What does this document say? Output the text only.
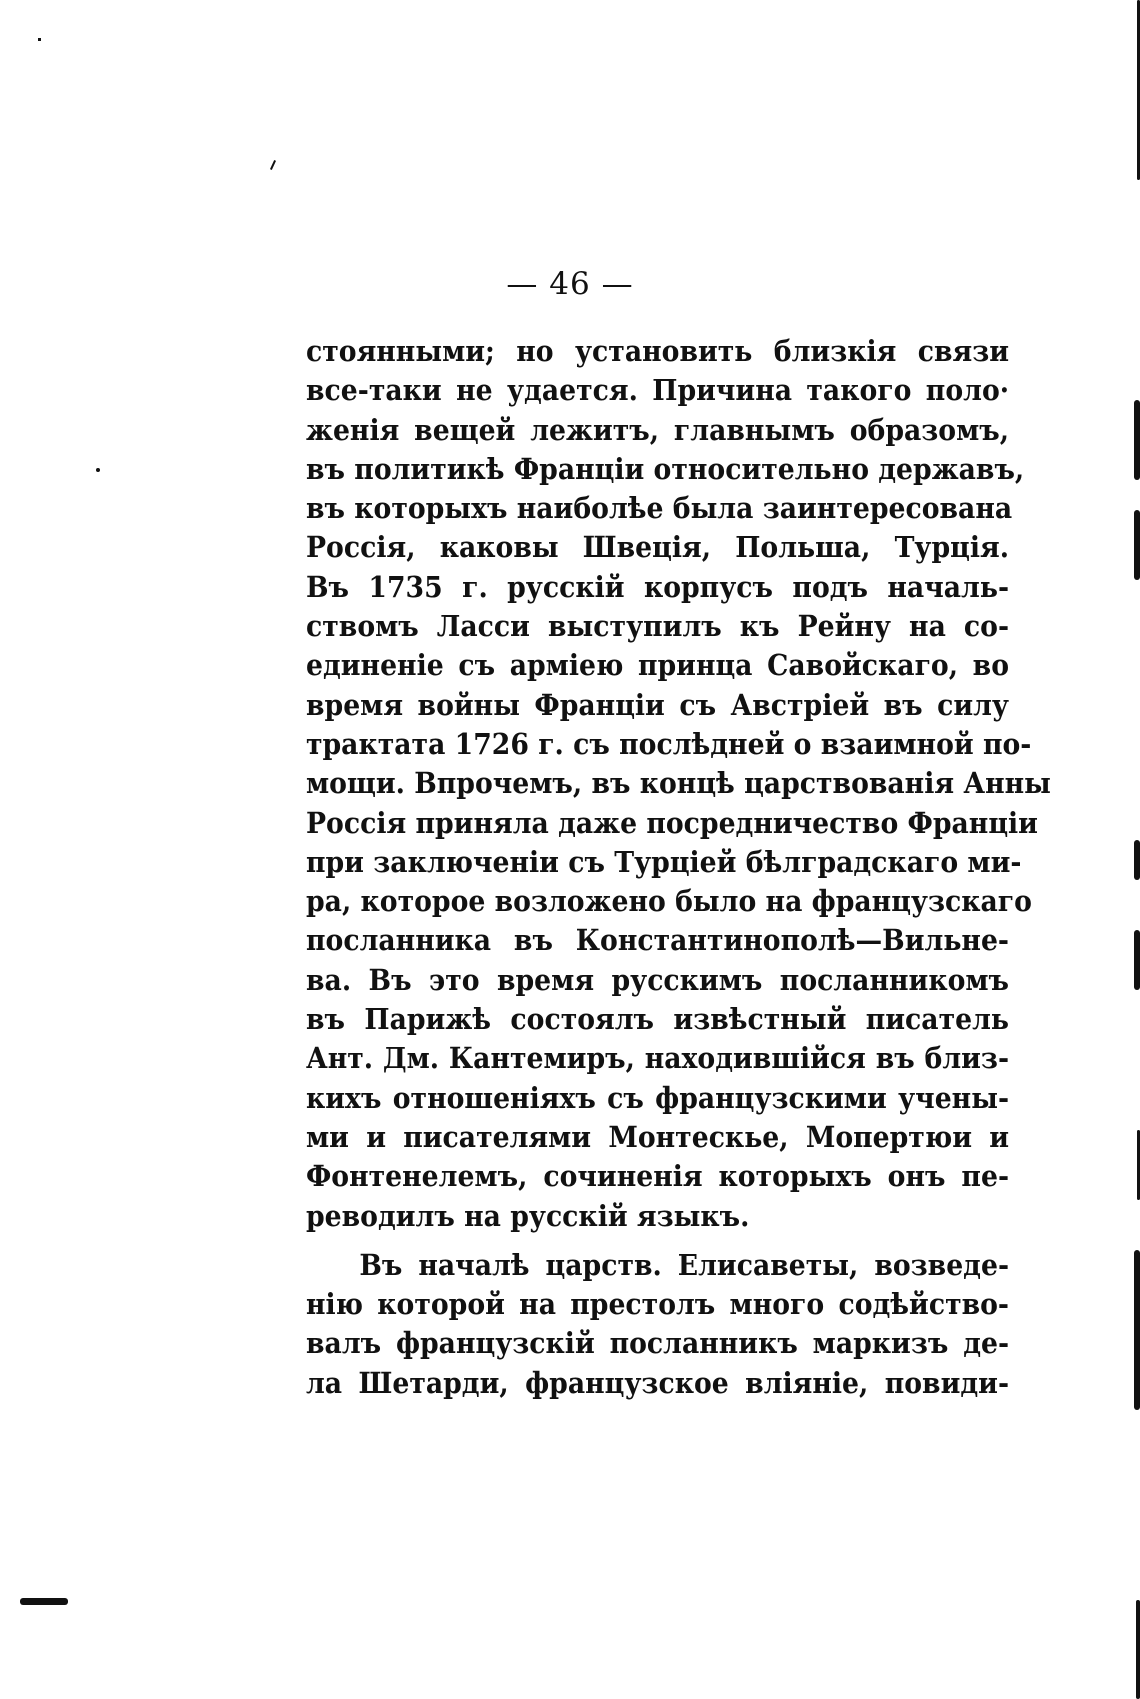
— 46 —
стоянными; но установить близкія связи
все-таки не удается. Причина такого поло·
женія вещей лежитъ, главнымъ образомъ,
въ политикѣ Франціи относительно державъ,
въ которыхъ наиболѣе была заинтересована
Россія, каковы Швеція, Польша, Турція.
Въ 1735 г. русскій корпусъ подъ началь-
ствомъ Ласси выступилъ къ Рейну на со-
единеніе съ арміею принца Савойскаго, во
время войны Франціи съ Австріей въ силу
трактата 1726 г. съ послѣдней о взаимной по-
мощи. Впрочемъ, въ концѣ царствованія Анны
Россія приняла даже посредничество Франціи
при заключеніи съ Турціей бѣлградскаго ми-
ра, которое возложено было на французскаго
посланника въ Константинополѣ—Вильне-
ва. Въ это время русскимъ посланникомъ
въ Парижѣ состоялъ извѣстный писатель
Ант. Дм. Кантемиръ, находившійся въ близ-
кихъ отношеніяхъ съ французскими учены-
ми и писателями Монтескье, Мопертюи и
Фонтенелемъ, сочиненія которыхъ онъ пе-
реводилъ на русскій языкъ.
Въ началѣ царств. Елисаветы, возведе-
нію которой на престолъ много содѣйство-
валъ французскій посланникъ маркизъ де-
ла Шетарди, французское вліяніе, повиди-
